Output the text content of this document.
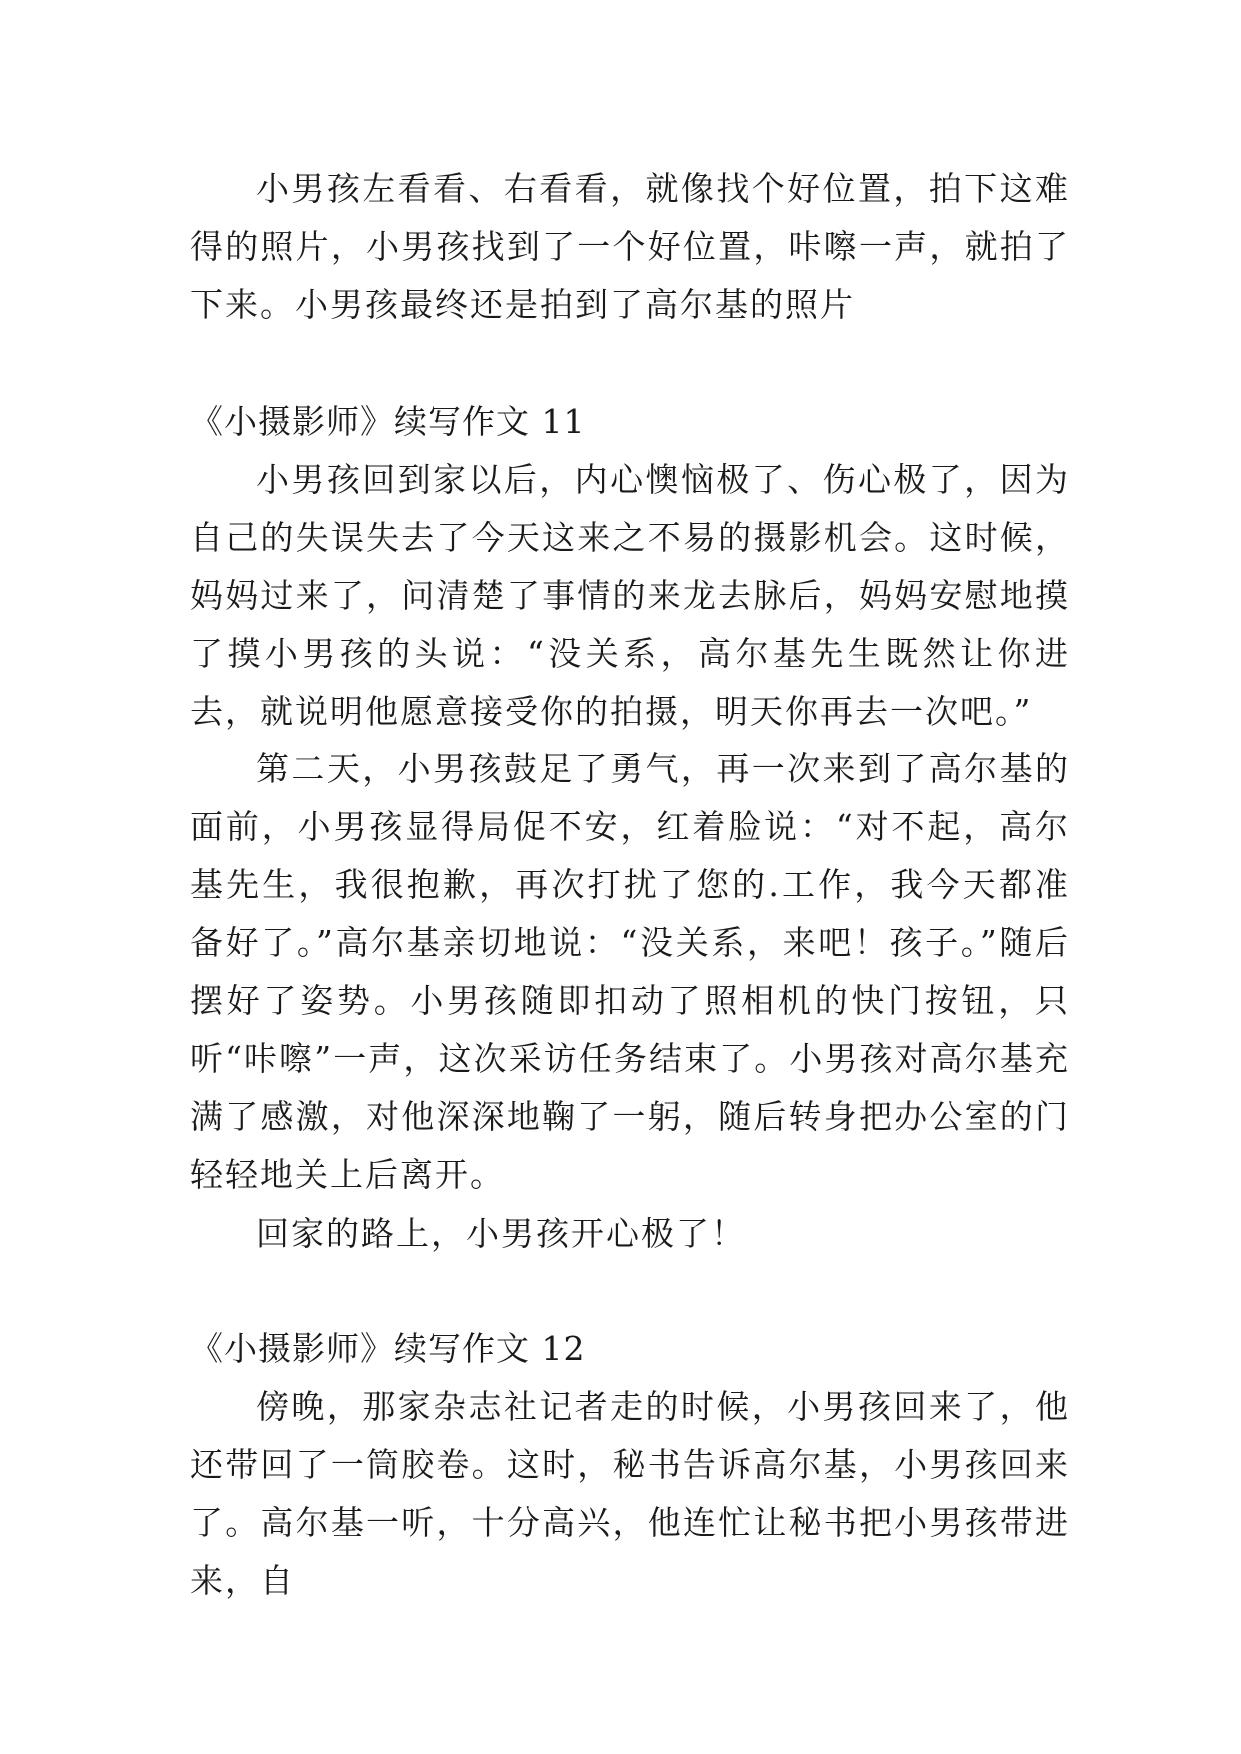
小男孩左看看、右看看，就像找个好位置，拍下这难得的照片，小男孩找到了一个好位置，咔嚓一声，就拍了下来。小男孩最终还是拍到了高尔基的照片

《小摄影师》续写作文 11

小男孩回到家以后，内心懊恼极了、伤心极了，因为自己的失误失去了今天这来之不易的摄影机会。这时候，妈妈过来了，问清楚了事情的来龙去脉后，妈妈安慰地摸了摸小男孩的头说：“没关系，高尔基先生既然让你进去，就说明他愿意接受你的拍摄，明天你再去一次吧。”

第二天，小男孩鼓足了勇气，再一次来到了高尔基的面前，小男孩显得局促不安，红着脸说：“对不起，高尔基先生，我很抱歉，再次打扰了您的.工作，我今天都准备好了。”高尔基亲切地说：“没关系，来吧！孩子。”随后摆好了姿势。小男孩随即扣动了照相机的快门按钮，只听“咔嚓”一声，这次采访任务结束了。小男孩对高尔基充满了感激，对他深深地鞠了一躬，随后转身把办公室的门轻轻地关上后离开。

回家的路上，小男孩开心极了！

《小摄影师》续写作文 12

傍晚，那家杂志社记者走的时候，小男孩回来了，他还带回了一筒胶卷。这时，秘书告诉高尔基，小男孩回来了。高尔基一听，十分高兴，他连忙让秘书把小男孩带进来，自
